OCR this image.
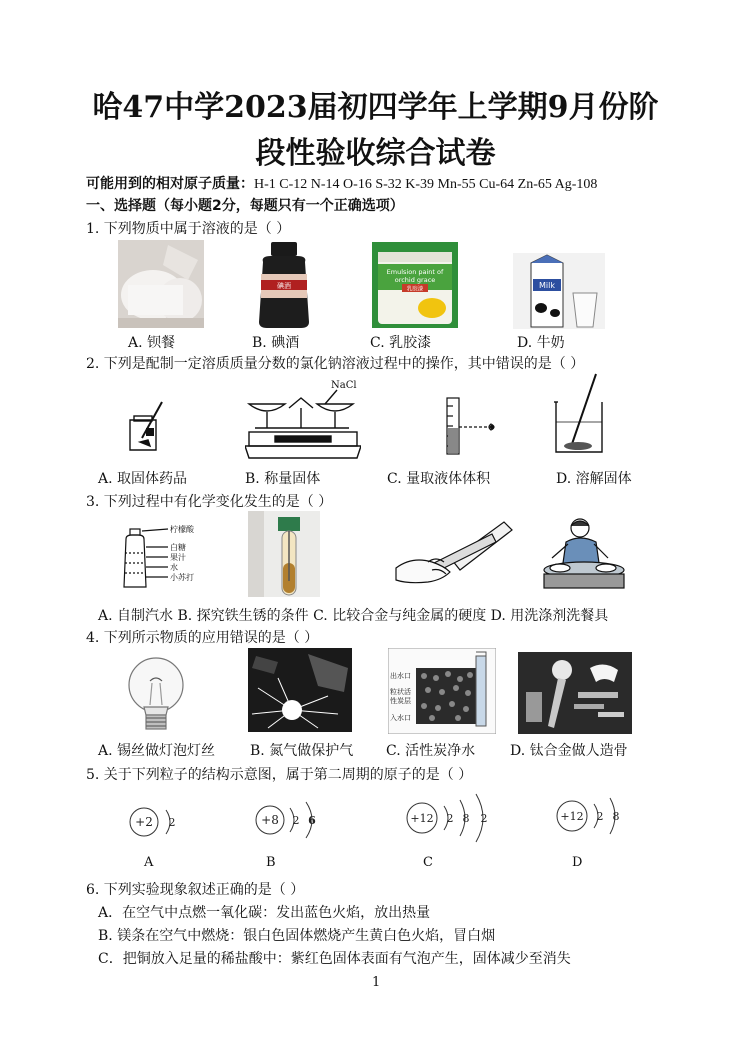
哈47中学2023届初四学年上学期9月份阶
段性验收综合试卷
可能用到的相对原子质量：H-1 C-12 N-14 O-16 S-32 K-39 Mn-55 Cu-64 Zn-65 Ag-108
一、选择题（每小题2分，每题只有一个正确选项）
1. 下列物质中属于溶液的是（ ）
碘酒
Emulsion paint of
orchid grace
乳胶漆	Milk
A. 钡餐	B. 碘酒	C. 乳胶漆	D. 牛奶
2. 下列是配制一定溶质质量分数的氯化钠溶液过程中的操作，其中错误的是（ ）
NaCl
A. 取固体药品	B. 称量固体	C. 量取液体体积	D. 溶解固体
3. 下列过程中有化学变化发生的是（ ）
柠檬酸
白糖
果汁
水
小苏打
A. 自制汽水 B. 探究铁生锈的条件 C. 比较合金与纯金属的硬度 D. 用洗涤剂洗餐具
4. 下列所示物质的应用错误的是（ ）
出水口
粒状活
性炭层
入水口
A. 锡丝做灯泡灯丝 B. 氮气做保护气 C. 活性炭净水 D. 钛合金做人造骨
5. 关于下列粒子的结构示意图，属于第二周期的原子的是（ ）
+2 2	+8 2 6	+12 2 8 2	+12 2 8
A	B	C	D
6. 下列实验现象叙述正确的是（ ）
A．在空气中点燃一氧化碳：发出蓝色火焰，放出热量
B. 镁条在空气中燃烧：银白色固体燃烧产生黄白色火焰，冒白烟
C．把铜放入足量的稀盐酸中：紫红色固体表面有气泡产生，固体减少至消失
1
